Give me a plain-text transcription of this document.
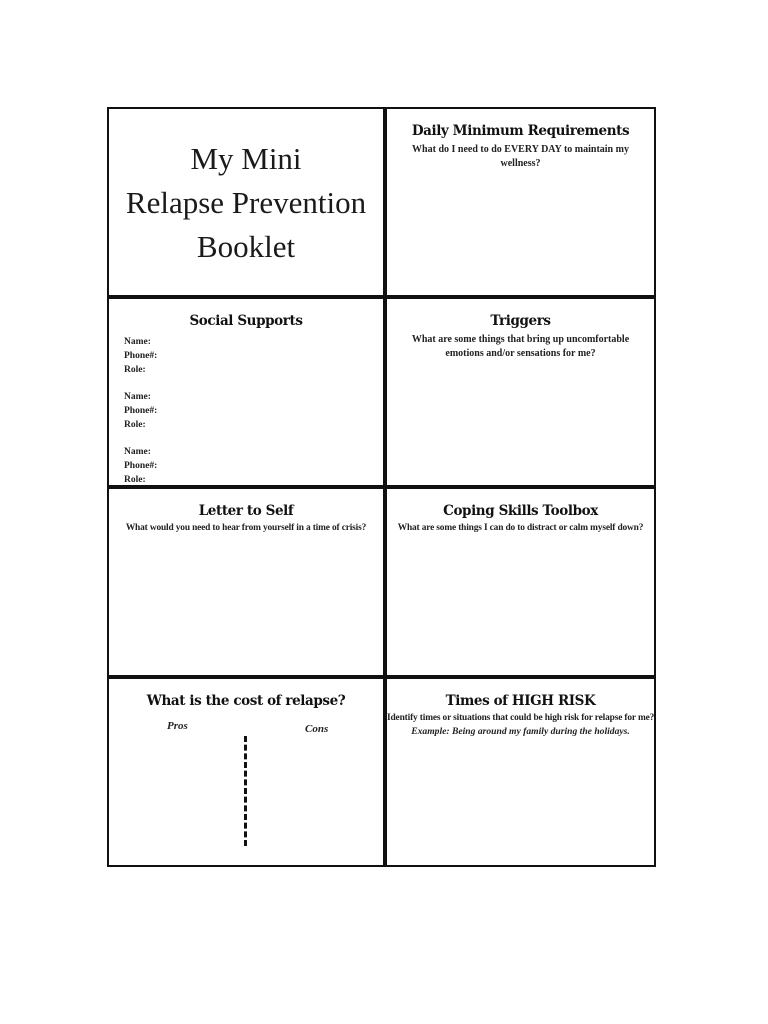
My Mini
Relapse Prevention
Booklet
Daily Minimum Requirements

What do I need to do EVERY DAY to maintain my wellness?

Social Supports
Name:
Phone#:
Role:
Name:
Phone#:
Role:
Name:
Phone#:
Role:
Triggers

What are some things that bring up uncomfortable emotions and/or sensations for me?

Letter to Self

What would you need to hear from yourself in a time of crisis?

Coping Skills Toolbox

What are some things I can do to distract or calm myself down?

What is the cost of relapse?
Pros	Cons
Times of HIGH RISK

Identify times or situations that could be high risk for relapse for me?

Example: Being around my family during the holidays.
